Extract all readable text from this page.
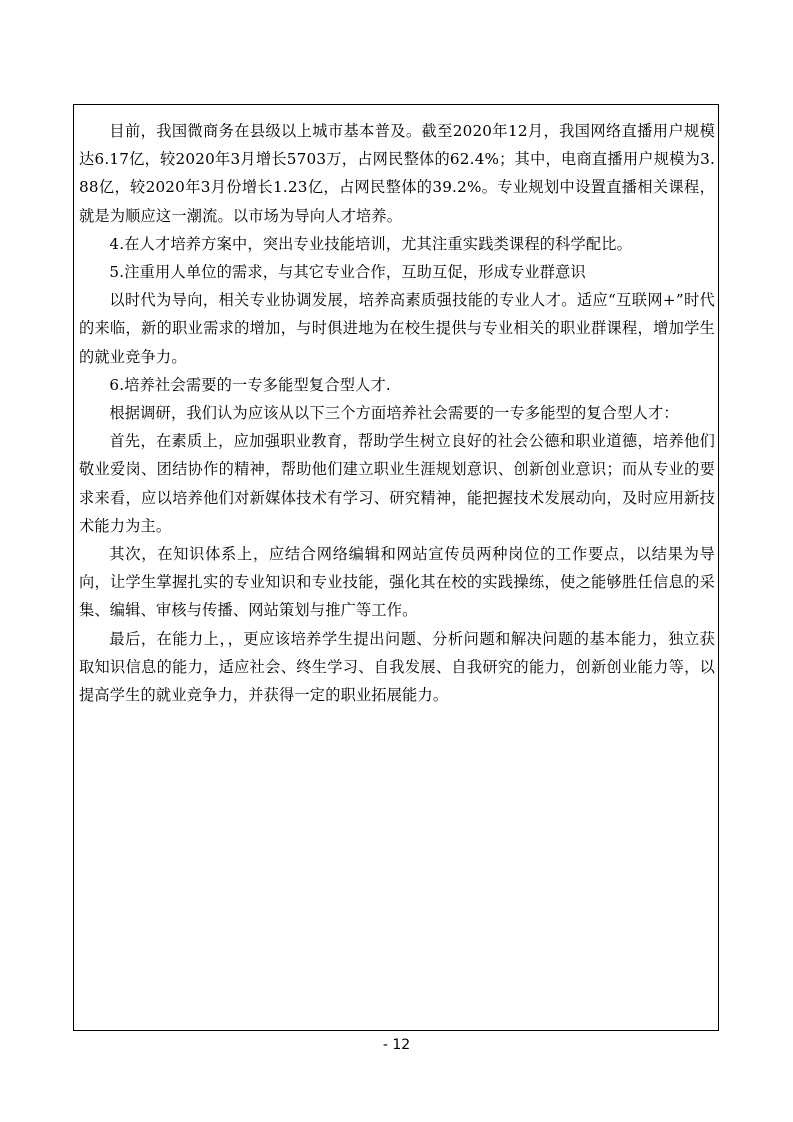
目前，我国微商务在县级以上城市基本普及。截至2020年12月，我国网络直播用户规模达6.17亿，较2020年3月增长5703万，占网民整体的62.4%；其中，电商直播用户规模为3.88亿，较2020年3月份增长1.23亿，占网民整体的39.2%。专业规划中设置直播相关课程，就是为顺应这一潮流。以市场为导向人才培养。

4.在人才培养方案中，突出专业技能培训，尤其注重实践类课程的科学配比。

5.注重用人单位的需求，与其它专业合作，互助互促，形成专业群意识

以时代为导向，相关专业协调发展，培养高素质强技能的专业人才。适应“互联网+”时代的来临，新的职业需求的增加，与时俱进地为在校生提供与专业相关的职业群课程，增加学生的就业竞争力。

6.培养社会需要的一专多能型复合型人才.

根据调研，我们认为应该从以下三个方面培养社会需要的一专多能型的复合型人才：

首先，在素质上，应加强职业教育，帮助学生树立良好的社会公德和职业道德，培养他们敬业爱岗、团结协作的精神，帮助他们建立职业生涯规划意识、创新创业意识；而从专业的要求来看，应以培养他们对新媒体技术有学习、研究精神，能把握技术发展动向，及时应用新技术能力为主。

其次，在知识体系上，应结合网络编辑和网站宣传员两种岗位的工作要点，以结果为导向，让学生掌握扎实的专业知识和专业技能，强化其在校的实践操练，使之能够胜任信息的采集、编辑、审核与传播、网站策划与推广等工作。

最后，在能力上，，更应该培养学生提出问题、分析问题和解决问题的基本能力，独立获取知识信息的能力，适应社会、终生学习、自我发展、自我研究的能力，创新创业能力等，以提高学生的就业竞争力，并获得一定的职业拓展能力。

- 12
